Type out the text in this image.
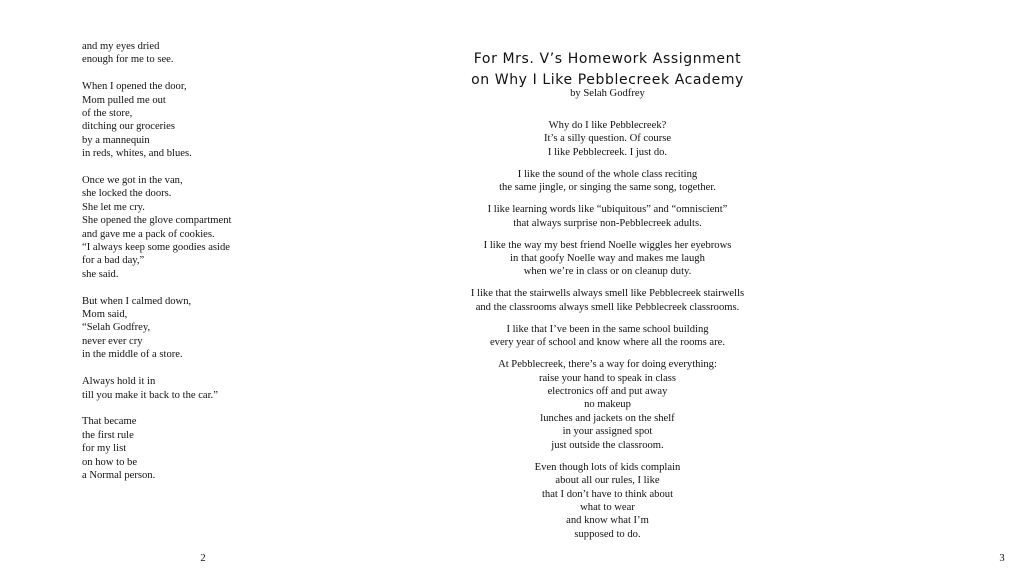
and my eyes dried
enough for me to see.
When I opened the door,
Mom pulled me out
of the store,
ditching our groceries
by a mannequin
in reds, whites, and blues.
Once we got in the van,
she locked the doors.
She let me cry.
She opened the glove compartment
and gave me a pack of cookies.
“I always keep some goodies aside
for a bad day,”
she said.
But when I calmed down,
Mom said,
“Selah Godfrey,
never ever cry
in the middle of a store.
Always hold it in
till you make it back to the car.”
That became
the first rule
for my list
on how to be
a Normal person.
2
For Mrs. V’s Homework Assignment
on Why I Like Pebblecreek Academy
by Selah Godfrey
Why do I like Pebblecreek?
It’s a silly question. Of course
I like Pebblecreek. I just do.
I like the sound of the whole class reciting
the same jingle, or singing the same song, together.
I like learning words like “ubiquitous” and “omniscient”
that always surprise non-Pebblecreek adults.
I like the way my best friend Noelle wiggles her eyebrows
in that goofy Noelle way and makes me laugh
when we’re in class or on cleanup duty.
I like that the stairwells always smell like Pebblecreek stairwells
and the classrooms always smell like Pebblecreek classrooms.
I like that I’ve been in the same school building
every year of school and know where all the rooms are.
At Pebblecreek, there’s a way for doing everything:
raise your hand to speak in class
electronics off and put away
no makeup
lunches and jackets on the shelf
in your assigned spot
just outside the classroom.
Even though lots of kids complain
about all our rules, I like
that I don’t have to think about
what to wear
and know what I’m
supposed to do.
3
